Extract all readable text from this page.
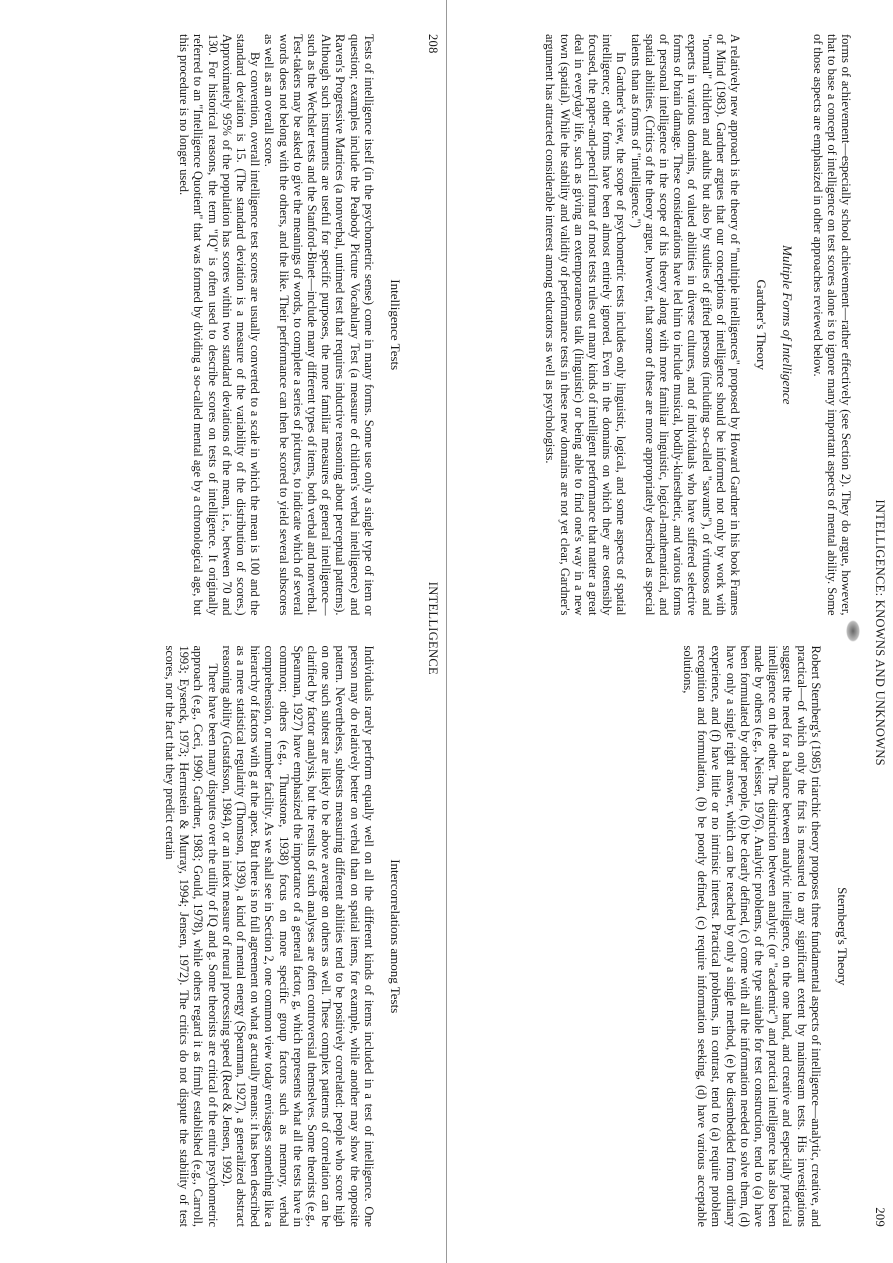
208
INTELLIGENCE
Intelligence Tests

Tests of intelligence itself (in the psychometric sense) come in many forms. Some use only a single type of item or question; examples include the Peabody Picture Vocabulary Test (a measure of children's verbal intelligence) and Raven's Progressive Matrices (a nonverbal, untimed test that requires inductive reasoning about perceptual patterns). Although such instruments are useful for specific purposes, the more familiar measures of general intelligence—such as the Wechsler tests and the Stanford-Binet—include many different types of items, both verbal and nonverbal. Test-takers may be asked to give the meanings of words, to complete a series of pictures, to indicate which of several words does not belong with the others, and the like. Their performance can then be scored to yield several subscores as well as an overall score.

By convention, overall intelligence test scores are usually converted to a scale in which the mean is 100 and the standard deviation is 15. (The standard deviation is a measure of the variability of the distribution of scores.) Approximately 95% of the population has scores within two standard deviations of the mean, i.e., between 70 and 130. For historical reasons, the term "IQ" is often used to describe scores on tests of intelligence. It originally referred to an "Intelligence Quotient" that was formed by dividing a so-called mental age by a chronological age, but this procedure is no longer used.

Intercorrelations among Tests

Individuals rarely perform equally well on all the different kinds of items included in a test of intelligence. One person may do relatively better on verbal than on spatial items, for example, while another may show the opposite pattern. Nevertheless, subtests measuring different abilities tend to be positively correlated: people who score high on one such subtest are likely to be above average on others as well. These complex patterns of correlation can be clarified by factor analysis, but the results of such analyses are often controversial themselves. Some theorists (e.g., Spearman, 1927) have emphasized the importance of a general factor, g, which represents what all the tests have in common; others (e.g., Thurstone, 1938) focus on more specific group factors such as memory, verbal comprehension, or number facility. As we shall see in Section 2, one common view today envisages something like a hierarchy of factors with g at the apex. But there is no full agreement on what g actually means: it has been described as a mere statistical regularity (Thomson, 1939), a kind of mental energy (Spearman, 1927), a generalized abstract reasoning ability (Gustafsson, 1984), or an index measure of neural processing speed (Reed & Jensen, 1992).

There have been many disputes over the utility of IQ and g. Some theorists are critical of the entire psychometric approach (e.g., Ceci, 1990; Gardner, 1983; Gould, 1978), while others regard it as firmly established (e.g., Carroll, 1993; Eysenck, 1973; Herrnstein & Murray, 1994; Jensen, 1972). The critics do not dispute the stability of test scores, nor the fact that they predict certain	INTELLIGENCE: KNOWNS AND UNKNOWNS
209

forms of achievement—especially school achievement—rather effectively (see Section 2). They do argue, however, that to base a concept of intelligence on test scores alone is to ignore many important aspects of mental ability. Some of those aspects are emphasized in other approaches reviewed below.

Multiple Forms of Intelligence
Gardner's Theory

A relatively new approach is the theory of "multiple intelligences" proposed by Howard Gardner in his book Frames of Mind (1983). Gardner argues that our conceptions of intelligence should be informed not only by work with "normal" children and adults but also by studies of gifted persons (including so-called "savants"), of virtuosos and experts in various domains, of valued abilities in diverse cultures, and of individuals who have suffered selective forms of brain damage. These considerations have led him to include musical, bodily-kinesthetic, and various forms of personal intelligence in the scope of his theory along with more familiar linguistic, logical-mathematical, and spatial abilities. (Critics of the theory argue, however, that some of these are more appropriately described as special talents than as forms of "intelligence.")

In Gardner's view, the scope of psychometric tests includes only linguistic, logical, and some aspects of spatial intelligence; other forms have been almost entirely ignored. Even in the domains on which they are ostensibly focused, the paper-and-pencil format of most tests rules out many kinds of intelligent performance that matter a great deal in everyday life, such as giving an extemporaneous talk (linguistic) or being able to find one's way in a new town (spatial). While the stability and validity of performance tests in these new domains are not yet clear, Gardner's argument has attracted considerable interest among educators as well as psychologists.

Sternberg's Theory

Robert Sternberg's (1985) triarchic theory proposes three fundamental aspects of intelligence—analytic, creative, and practical—of which only the first is measured to any significant extent by mainstream tests. His investigations suggest the need for a balance between analytic intelligence, on the one hand, and creative and especially practical intelligence on the other. The distinction between analytic (or "academic") and practical intelligence has also been made by others (e.g., Neisser, 1976). Analytic problems, of the type suitable for test construction, tend to (a) have been formulated by other people, (b) be clearly defined, (c) come with all the information needed to solve them, (d) have only a single right answer, which can be reached by only a single method, (e) be disembedded from ordinary experience, and (f) have little or no intrinsic interest. Practical problems, in contrast, tend to (a) require problem recognition and formulation, (b) be poorly defined, (c) require information seeking, (d) have various acceptable solutions,
